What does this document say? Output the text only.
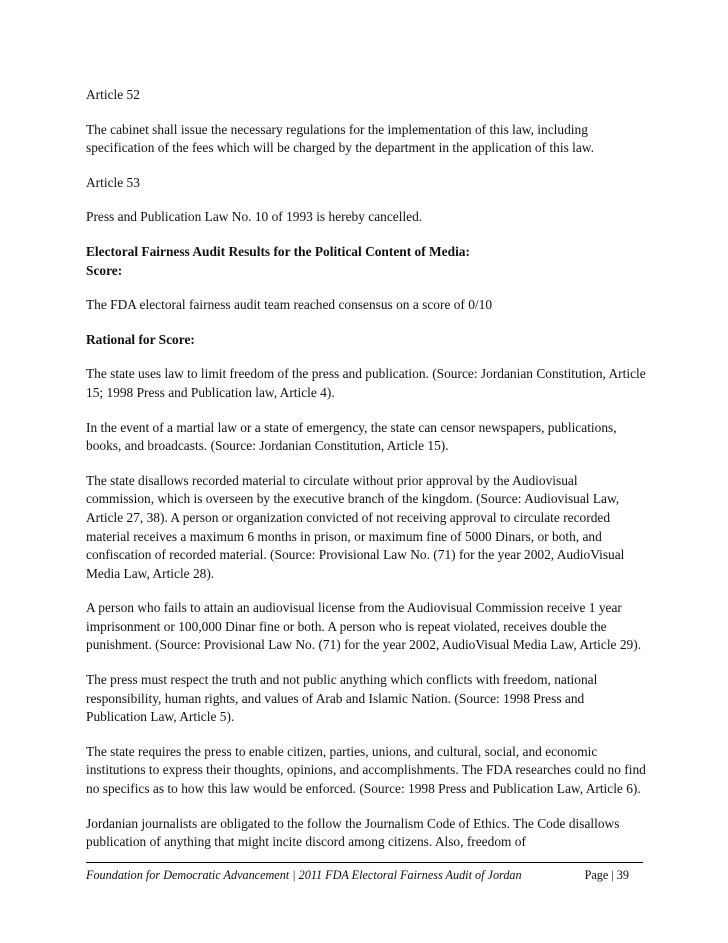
Article 52

The cabinet shall issue the necessary regulations for the implementation of this law, including specification of the fees which will be charged by the department in the application of this law.

Article 53

Press and Publication Law No. 10 of 1993 is hereby cancelled.

Electoral Fairness Audit Results for the Political Content of Media:

Score:

The FDA electoral fairness audit team reached consensus on a score of 0/10

Rational for Score:

The state uses law to limit freedom of the press and publication. (Source: Jordanian Constitution, Article 15; 1998 Press and Publication law, Article 4).

In the event of a martial law or a state of emergency, the state can censor newspapers, publications, books, and broadcasts. (Source: Jordanian Constitution, Article 15).

The state disallows recorded material to circulate without prior approval by the Audiovisual commission, which is overseen by the executive branch of the kingdom. (Source: Audiovisual Law, Article 27, 38). A person or organization convicted of not receiving approval to circulate recorded material receives a maximum 6 months in prison, or maximum fine of 5000 Dinars, or both, and confiscation of recorded material. (Source: Provisional Law No. (71) for the year 2002, AudioVisual Media Law, Article 28).

A person who fails to attain an audiovisual license from the Audiovisual Commission receive 1 year imprisonment or 100,000 Dinar fine or both. A person who is repeat violated, receives double the punishment. (Source: Provisional Law No. (71) for the year 2002, AudioVisual Media Law, Article 29).

The press must respect the truth and not public anything which conflicts with freedom, national responsibility, human rights, and values of Arab and Islamic Nation. (Source: 1998 Press and Publication Law, Article 5).

The state requires the press to enable citizen, parties, unions, and cultural, social, and economic institutions to express their thoughts, opinions, and accomplishments. The FDA researches could no find no specifics as to how this law would be enforced. (Source: 1998 Press and Publication Law, Article 6).

Jordanian journalists are obligated to the follow the Journalism Code of Ethics. The Code disallows publication of anything that might incite discord among citizens. Also, freedom of

Foundation for Democratic Advancement | 2011 FDA Electoral Fairness Audit of Jordan	Page | 39
